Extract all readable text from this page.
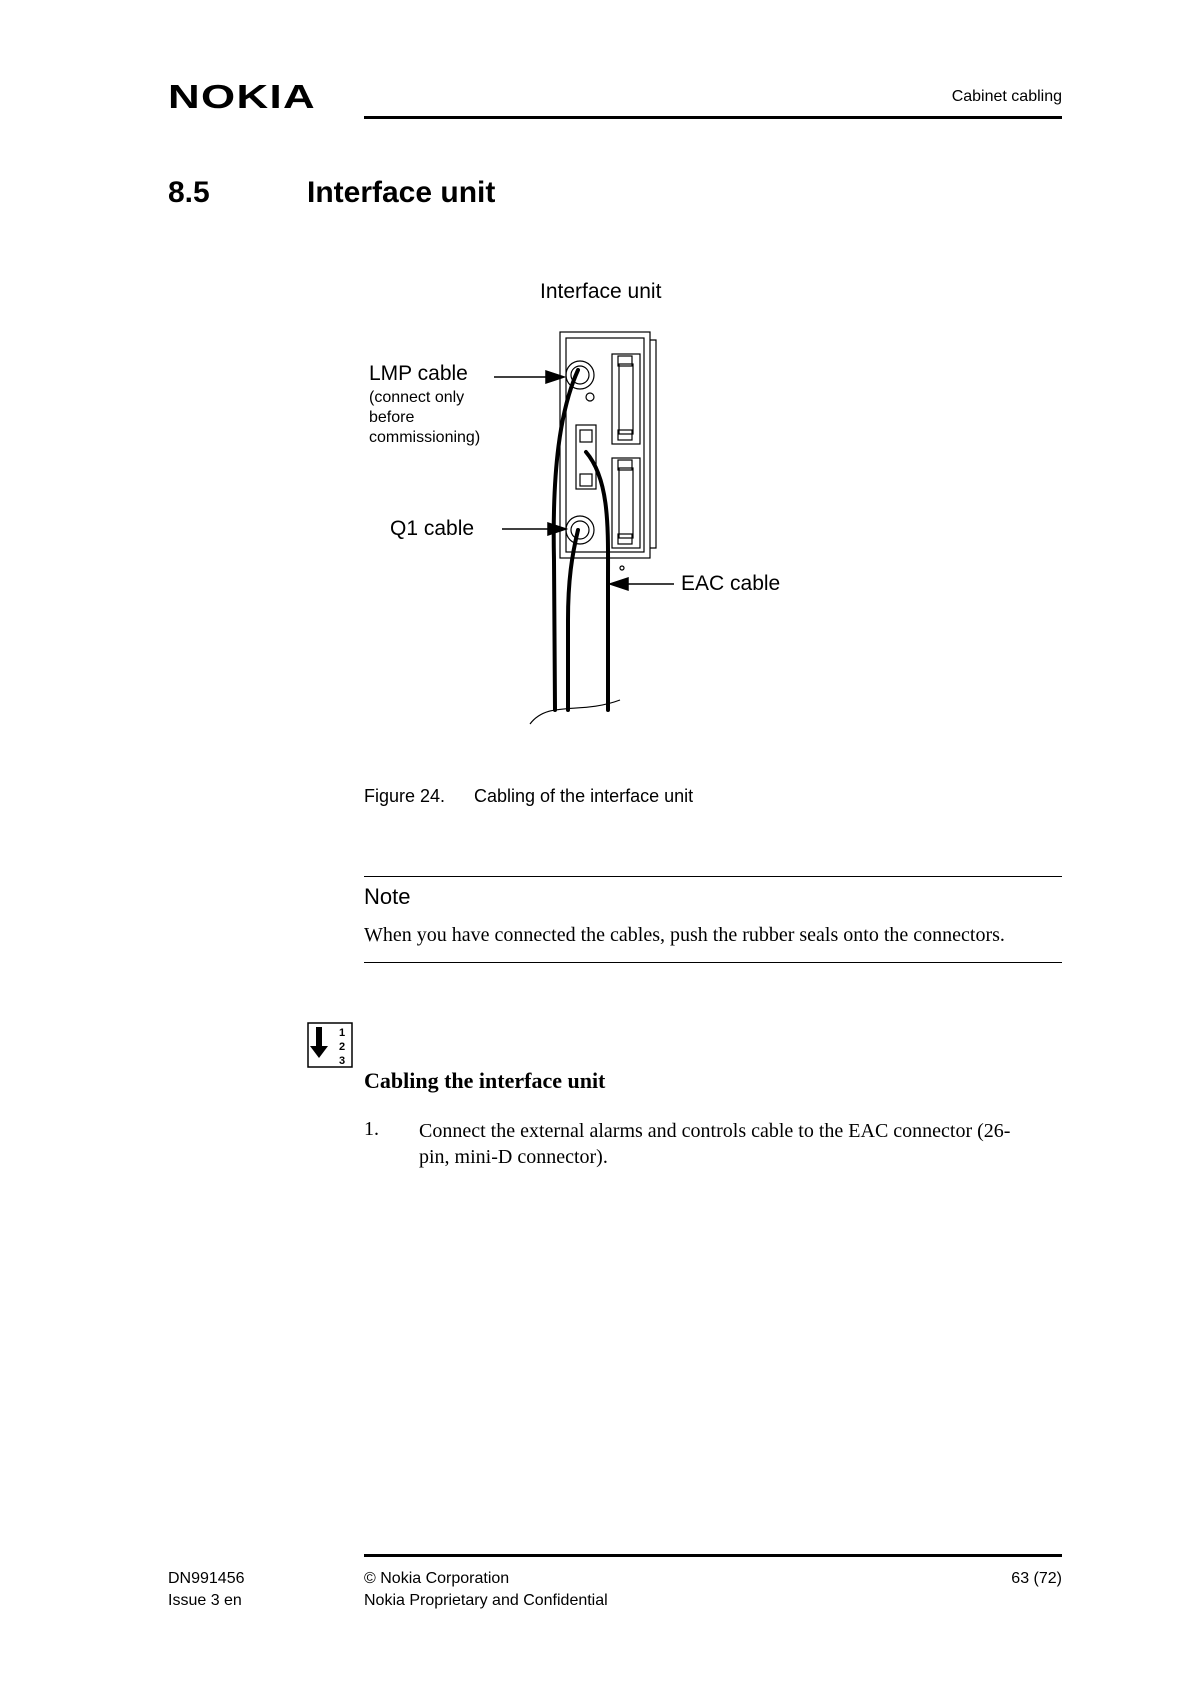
NOKIA	Cabinet cabling
8.5	Interface unit
Interface unit
LMP cable
(connect only
before
commissioning)
Q1 cable
EAC cable
Figure 24. Cabling of the interface unit
Note
When you have connected the cables, push the rubber seals onto the connectors.
1
2
3
Cabling the interface unit
1. Connect the external alarms and controls cable to the EAC connector (26-
pin, mini-D connector).
DN991456
Issue 3 en
© Nokia Corporation
Nokia Proprietary and Confidential
63 (72)
